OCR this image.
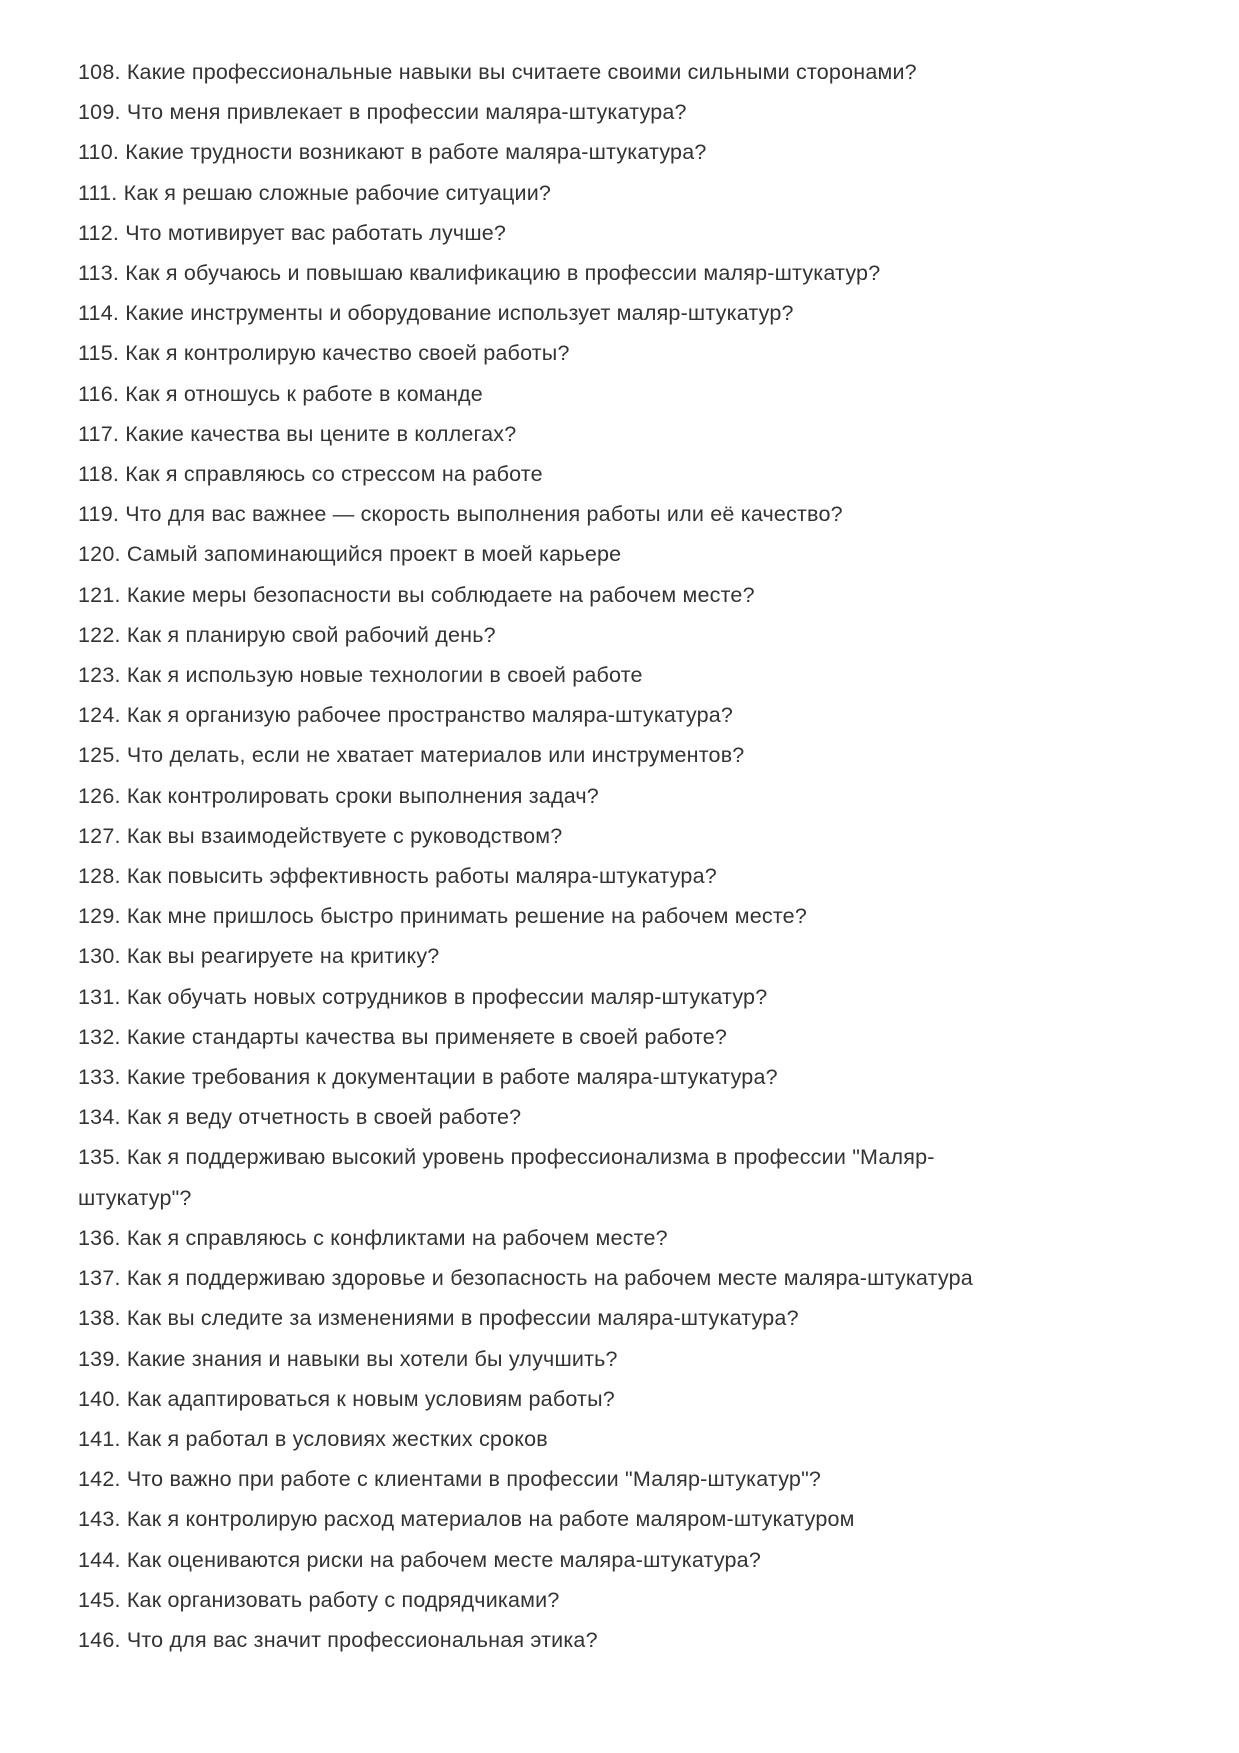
108. Какие профессиональные навыки вы считаете своими сильными сторонами?

109. Что меня привлекает в профессии маляра-штукатура?

110. Какие трудности возникают в работе маляра-штукатура?

111. Как я решаю сложные рабочие ситуации?

112. Что мотивирует вас работать лучше?

113. Как я обучаюсь и повышаю квалификацию в профессии маляр-штукатур?

114. Какие инструменты и оборудование использует маляр-штукатур?

115. Как я контролирую качество своей работы?

116. Как я отношусь к работе в команде

117. Какие качества вы цените в коллегах?

118. Как я справляюсь со стрессом на работе

119. Что для вас важнее — скорость выполнения работы или её качество?

120. Самый запоминающийся проект в моей карьере

121. Какие меры безопасности вы соблюдаете на рабочем месте?

122. Как я планирую свой рабочий день?

123. Как я использую новые технологии в своей работе

124. Как я организую рабочее пространство маляра-штукатура?

125. Что делать, если не хватает материалов или инструментов?

126. Как контролировать сроки выполнения задач?

127. Как вы взаимодействуете с руководством?

128. Как повысить эффективность работы маляра-штукатура?

129. Как мне пришлось быстро принимать решение на рабочем месте?

130. Как вы реагируете на критику?

131. Как обучать новых сотрудников в профессии маляр-штукатур?

132. Какие стандарты качества вы применяете в своей работе?

133. Какие требования к документации в работе маляра-штукатура?

134. Как я веду отчетность в своей работе?

135. Как я поддерживаю высокий уровень профессионализма в профессии "Маляр-

штукатур"?

136. Как я справляюсь с конфликтами на рабочем месте?

137. Как я поддерживаю здоровье и безопасность на рабочем месте маляра-штукатура

138. Как вы следите за изменениями в профессии маляра-штукатура?

139. Какие знания и навыки вы хотели бы улучшить?

140. Как адаптироваться к новым условиям работы?

141. Как я работал в условиях жестких сроков

142. Что важно при работе с клиентами в профессии "Маляр-штукатур"?

143. Как я контролирую расход материалов на работе маляром-штукатуром

144. Как оцениваются риски на рабочем месте маляра-штукатура?

145. Как организовать работу с подрядчиками?

146. Что для вас значит профессиональная этика?
